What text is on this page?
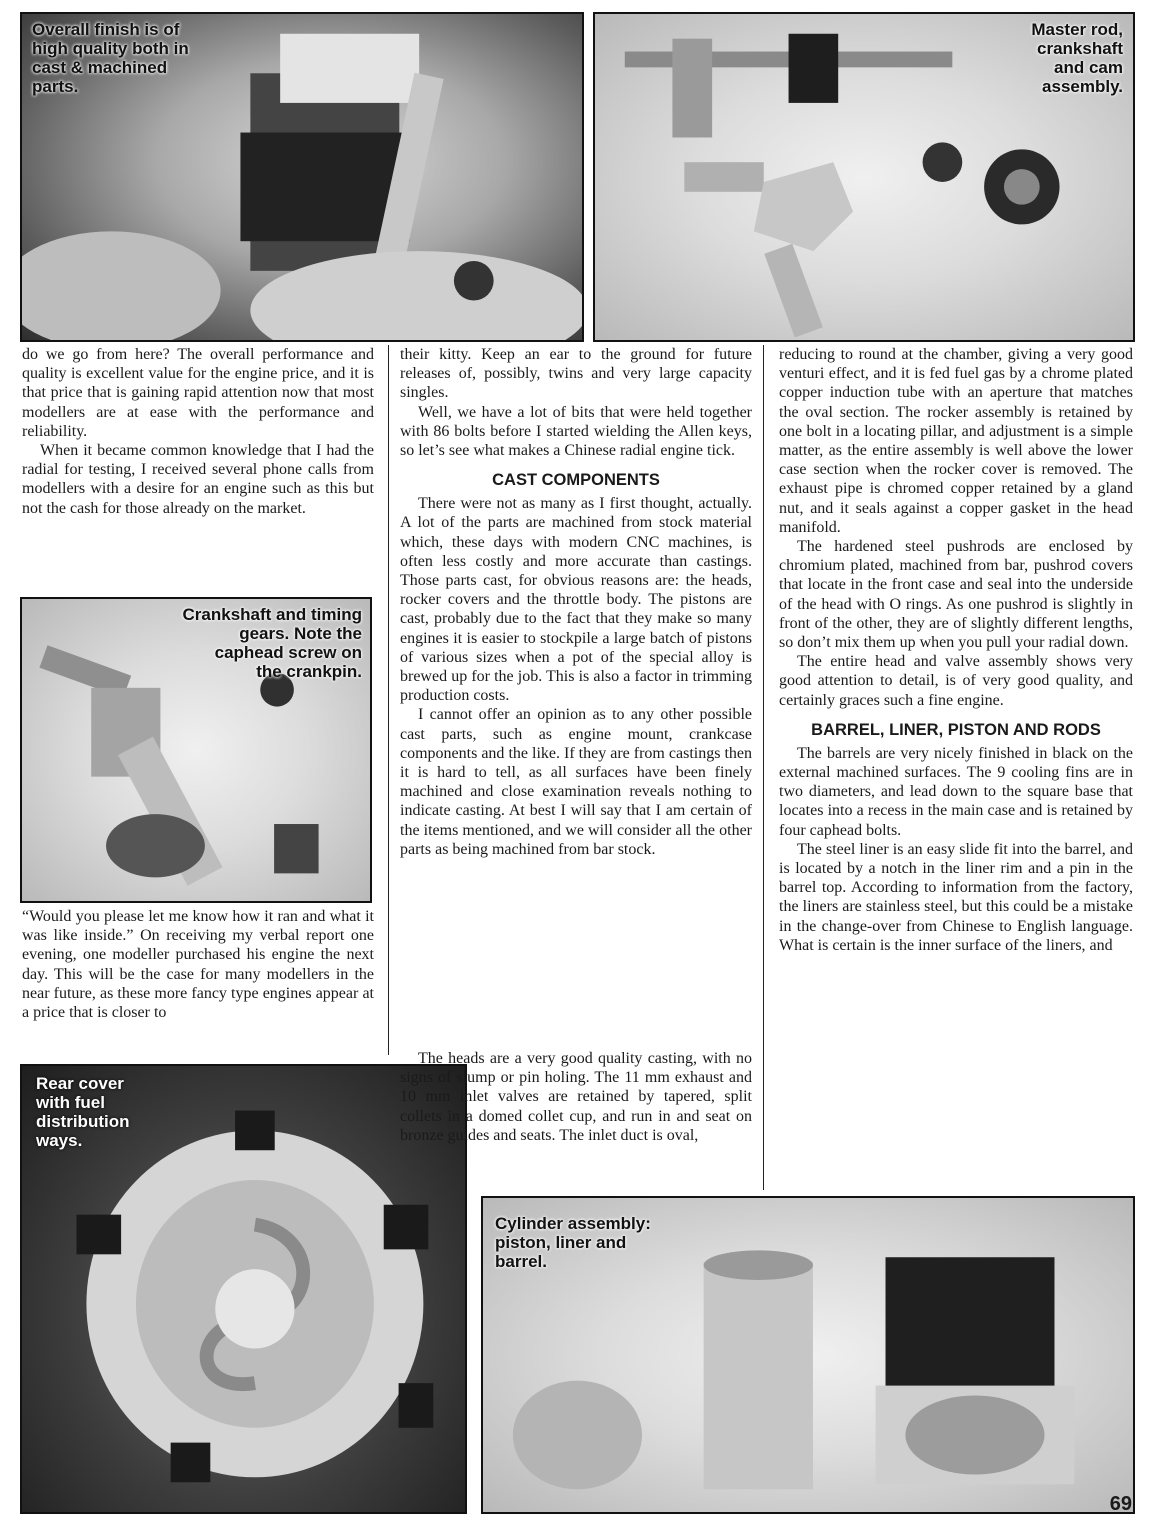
Overall finish is of
high quality both in
cast & machined
parts.
Master rod,
crankshaft
and cam
assembly.
Crankshaft and timing
gears. Note the
caphead screw on
the crankpin.
Rear cover
with fuel
distribution
ways.
Cylinder assembly:
piston, liner and
barrel.

do we go from here? The overall performance and quality is excellent value for the engine price, and it is that price that is gaining rapid attention now that most modellers are at ease with the performance and reliability.

When it became common knowledge that I had the radial for testing, I received several phone calls from modellers with a desire for an engine such as this but not the cash for those already on the market.

“Would you please let me know how it ran and what it was like inside.” On receiving my verbal report one evening, one modeller purchased his engine the next day. This will be the case for many modellers in the near future, as these more fancy type engines appear at a price that is closer to

their kitty. Keep an ear to the ground for future releases of, possibly, twins and very large capacity singles.

Well, we have a lot of bits that were held together with 86 bolts before I started wielding the Allen keys, so let’s see what makes a Chinese radial engine tick.

CAST COMPONENTS

There were not as many as I first thought, actually. A lot of the parts are machined from stock material which, these days with modern CNC machines, is often less costly and more accurate than castings. Those parts cast, for obvious reasons are: the heads, rocker covers and the throttle body. The pistons are cast, probably due to the fact that they make so many engines it is easier to stockpile a large batch of pistons of various sizes when a pot of the special alloy is brewed up for the job. This is also a factor in trimming production costs.

I cannot offer an opinion as to any other possible cast parts, such as engine mount, crankcase components and the like. If they are from castings then it is hard to tell, as all surfaces have been finely machined and close examination reveals nothing to indicate casting. At best I will say that I am certain of the items mentioned, and we will consider all the other parts as being machined from bar stock.

The heads are a very good quality casting, with no signs of slump or pin holing. The 11 mm exhaust and 10 mm inlet valves are retained by tapered, split collets in a domed collet cup, and run in and seat on bronze guides and seats. The inlet duct is oval,

reducing to round at the chamber, giving a very good venturi effect, and it is fed fuel gas by a chrome plated copper induction tube with an aperture that matches the oval section. The rocker assembly is retained by one bolt in a locating pillar, and adjustment is a simple matter, as the entire assembly is well above the lower case section when the rocker cover is removed. The exhaust pipe is chromed copper retained by a gland nut, and it seals against a copper gasket in the head manifold.

The hardened steel pushrods are enclosed by chromium plated, machined from bar, pushrod covers that locate in the front case and seal into the underside of the head with O rings. As one pushrod is slightly in front of the other, they are of slightly different lengths, so don’t mix them up when you pull your radial down.

The entire head and valve assembly shows very good attention to detail, is of very good quality, and certainly graces such a fine engine.

BARREL, LINER, PISTON AND RODS

The barrels are very nicely finished in black on the external machined surfaces. The 9 cooling fins are in two diameters, and lead down to the square base that locates into a recess in the main case and is retained by four caphead bolts.

The steel liner is an easy slide fit into the barrel, and is located by a notch in the liner rim and a pin in the barrel top. According to information from the factory, the liners are stainless steel, but this could be a mistake in the change-over from Chinese to English language. What is certain is the inner surface of the liners, and

69
